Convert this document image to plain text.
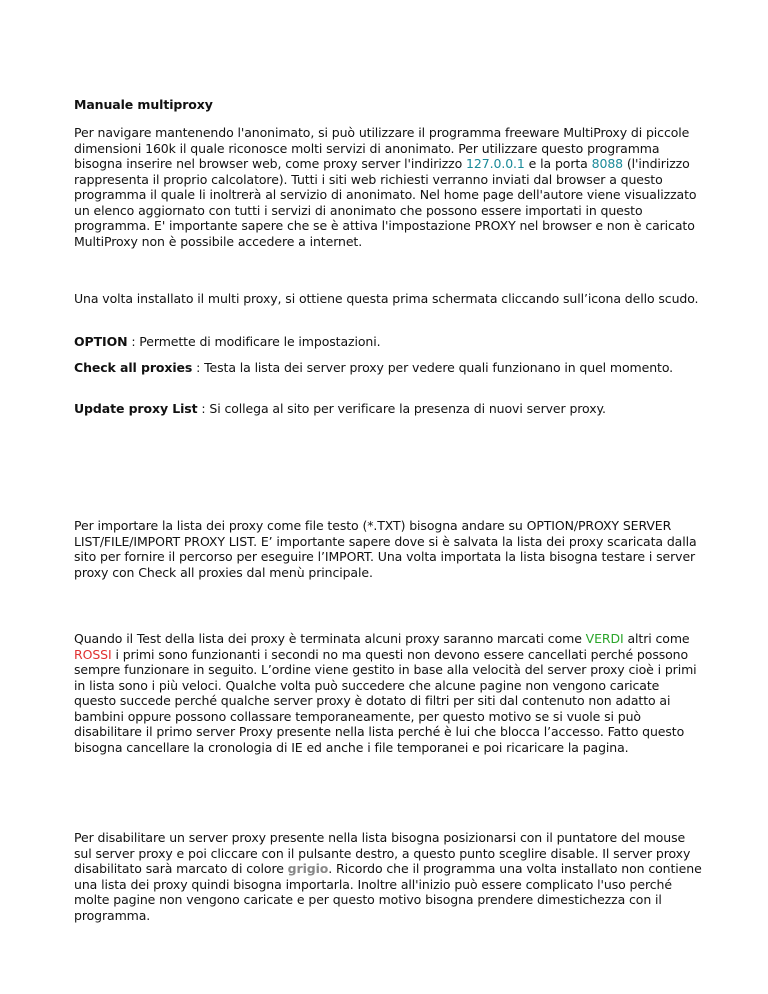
Manuale multiproxy

Per navigare mantenendo l'anonimato, si può utilizzare il programma freeware MultiProxy di piccole dimensioni 160k il quale riconosce molti servizi di anonimato. Per utilizzare questo programma bisogna inserire nel browser web, come proxy server l'indirizzo 127.0.0.1 e la porta 8088 (l'indirizzo rappresenta il proprio calcolatore). Tutti i siti web richiesti verranno inviati dal browser a questo programma il quale li inoltrerà al servizio di anonimato. Nel home page dell'autore viene visualizzato un elenco aggiornato con tutti i servizi di anonimato che possono essere importati in questo programma. E' importante sapere che se è attiva l'impostazione PROXY nel browser e non è caricato MultiProxy non è possibile accedere a internet.

Una volta installato il multi proxy, si ottiene questa prima schermata cliccando sull’icona dello scudo.

OPTION : Permette di modificare le impostazioni.

Check all proxies : Testa la lista dei server proxy per vedere quali funzionano in quel momento.

Update proxy List : Si collega al sito per verificare la presenza di nuovi server proxy.

Per importare la lista dei proxy come file testo (*.TXT) bisogna andare su OPTION/PROXY SERVER LIST/FILE/IMPORT PROXY LIST. E’ importante sapere dove si è salvata la lista dei proxy scaricata dalla sito per fornire il percorso per eseguire l’IMPORT. Una volta importata la lista bisogna testare i server proxy con Check all proxies dal menù principale.

Quando il Test della lista dei proxy è terminata alcuni proxy saranno marcati come VERDI altri come ROSSI i primi sono funzionanti i secondi no ma questi non devono essere cancellati perché possono sempre funzionare in seguito. L’ordine viene gestito in base alla velocità del server proxy cioè i primi in lista sono i più veloci. Qualche volta può succedere che alcune pagine non vengono caricate questo succede perché qualche server proxy è dotato di filtri per siti dal contenuto non adatto ai bambini oppure possono collassare temporaneamente, per questo motivo se si vuole si può disabilitare il primo server Proxy presente nella lista perché è lui che blocca l’accesso. Fatto questo bisogna cancellare la cronologia di IE ed anche i file temporanei e poi ricaricare la pagina.

Per disabilitare un server proxy presente nella lista bisogna posizionarsi con il puntatore del mouse sul server proxy e poi cliccare con il pulsante destro, a questo punto sceglire disable. Il server proxy disabilitato sarà marcato di colore grigio. Ricordo che il programma una volta installato non contiene una lista dei proxy quindi bisogna importarla. Inoltre all'inizio può essere complicato l'uso perché molte pagine non vengono caricate e per questo motivo bisogna prendere dimestichezza con il programma.
